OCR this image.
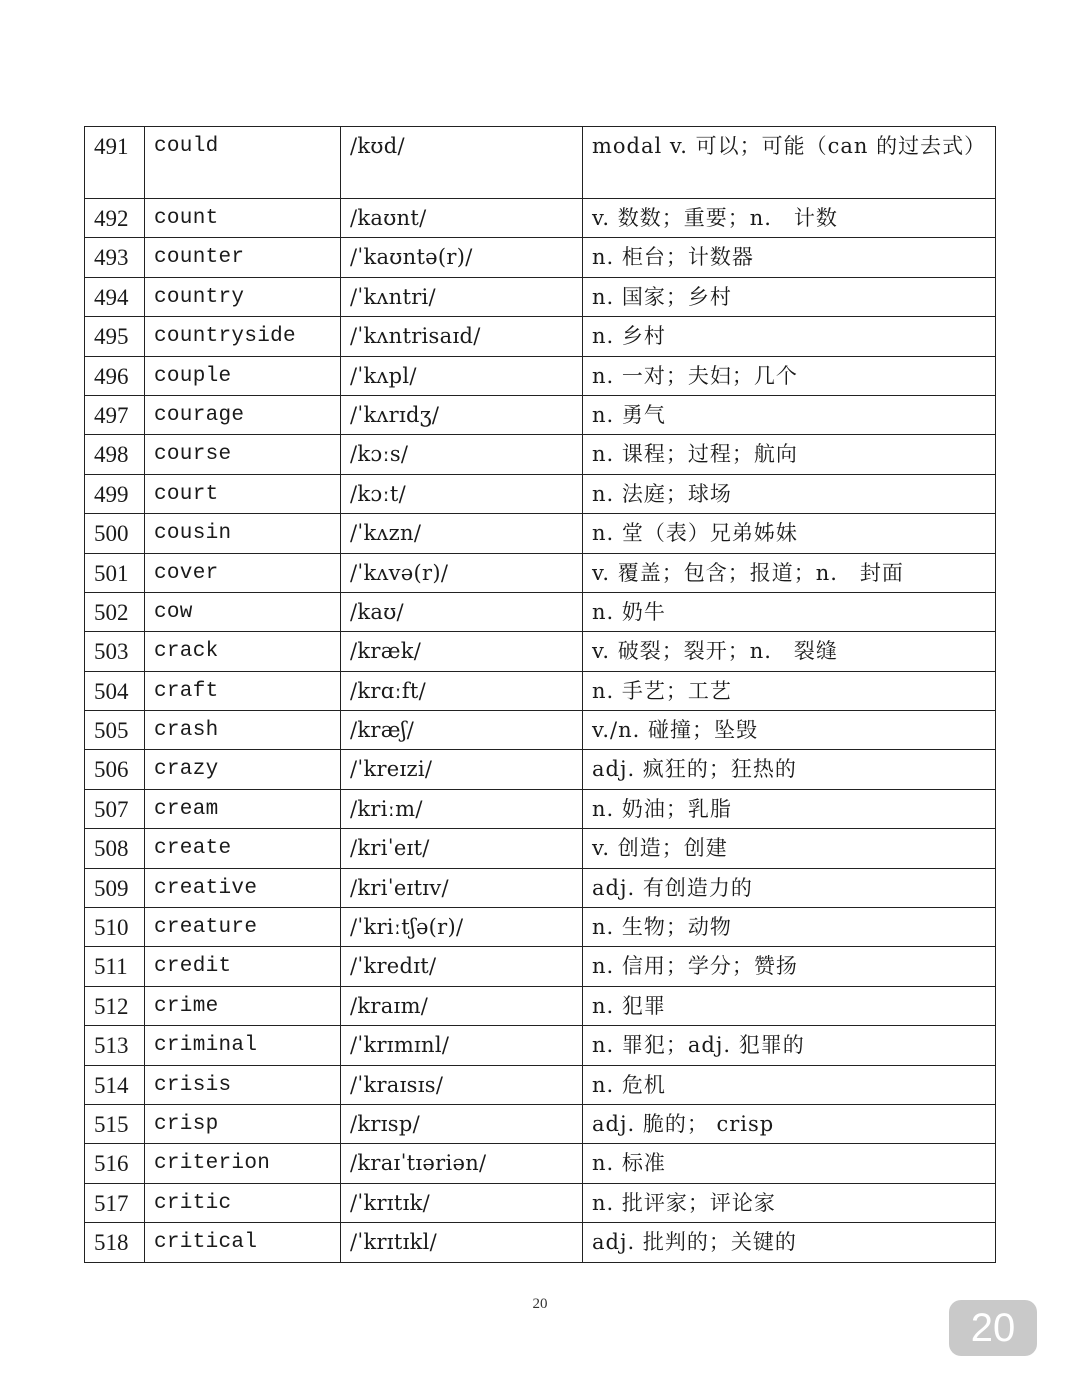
491	could	/kʊd/	modal v. 可以；可能（can 的过去式）
492	count	/kaʊnt/	v. 数数；重要；n.　计数
493	counter	/ˈkaʊntə(r)/	n. 柜台；计数器
494	country	/ˈkʌntri/	n. 国家；乡村
495	countryside	/ˈkʌntrisaɪd/	n. 乡村
496	couple	/ˈkʌpl/	n. 一对；夫妇；几个
497	courage	/ˈkʌrɪdʒ/	n. 勇气
498	course	/kɔːs/	n. 课程；过程；航向
499	court	/kɔːt/	n. 法庭；球场
500	cousin	/ˈkʌzn/	n. 堂（表）兄弟姊妹
501	cover	/ˈkʌvə(r)/	v. 覆盖；包含；报道；n.　封面
502	cow	/kaʊ/	n. 奶牛
503	crack	/kræk/	v. 破裂；裂开；n.　裂缝
504	craft	/krɑːft/	n. 手艺；工艺
505	crash	/kræʃ/	v./n. 碰撞；坠毁
506	crazy	/ˈkreɪzi/	adj. 疯狂的；狂热的
507	cream	/kriːm/	n. 奶油；乳脂
508	create	/kriˈeɪt/	v. 创造；创建
509	creative	/kriˈeɪtɪv/	adj. 有创造力的
510	creature	/ˈkriːtʃə(r)/	n. 生物；动物
511	credit	/ˈkredɪt/	n. 信用；学分；赞扬
512	crime	/kraɪm/	n. 犯罪
513	criminal	/ˈkrɪmɪnl/	n. 罪犯；adj. 犯罪的
514	crisis	/ˈkraɪsɪs/	n. 危机
515	crisp	/krɪsp/	adj. 脆的； crisp
516	criterion	/kraɪˈtɪəriən/	n. 标准
517	critic	/ˈkrɪtɪk/	n. 批评家；评论家
518	critical	/ˈkrɪtɪkl/	adj. 批判的；关键的
20
20
